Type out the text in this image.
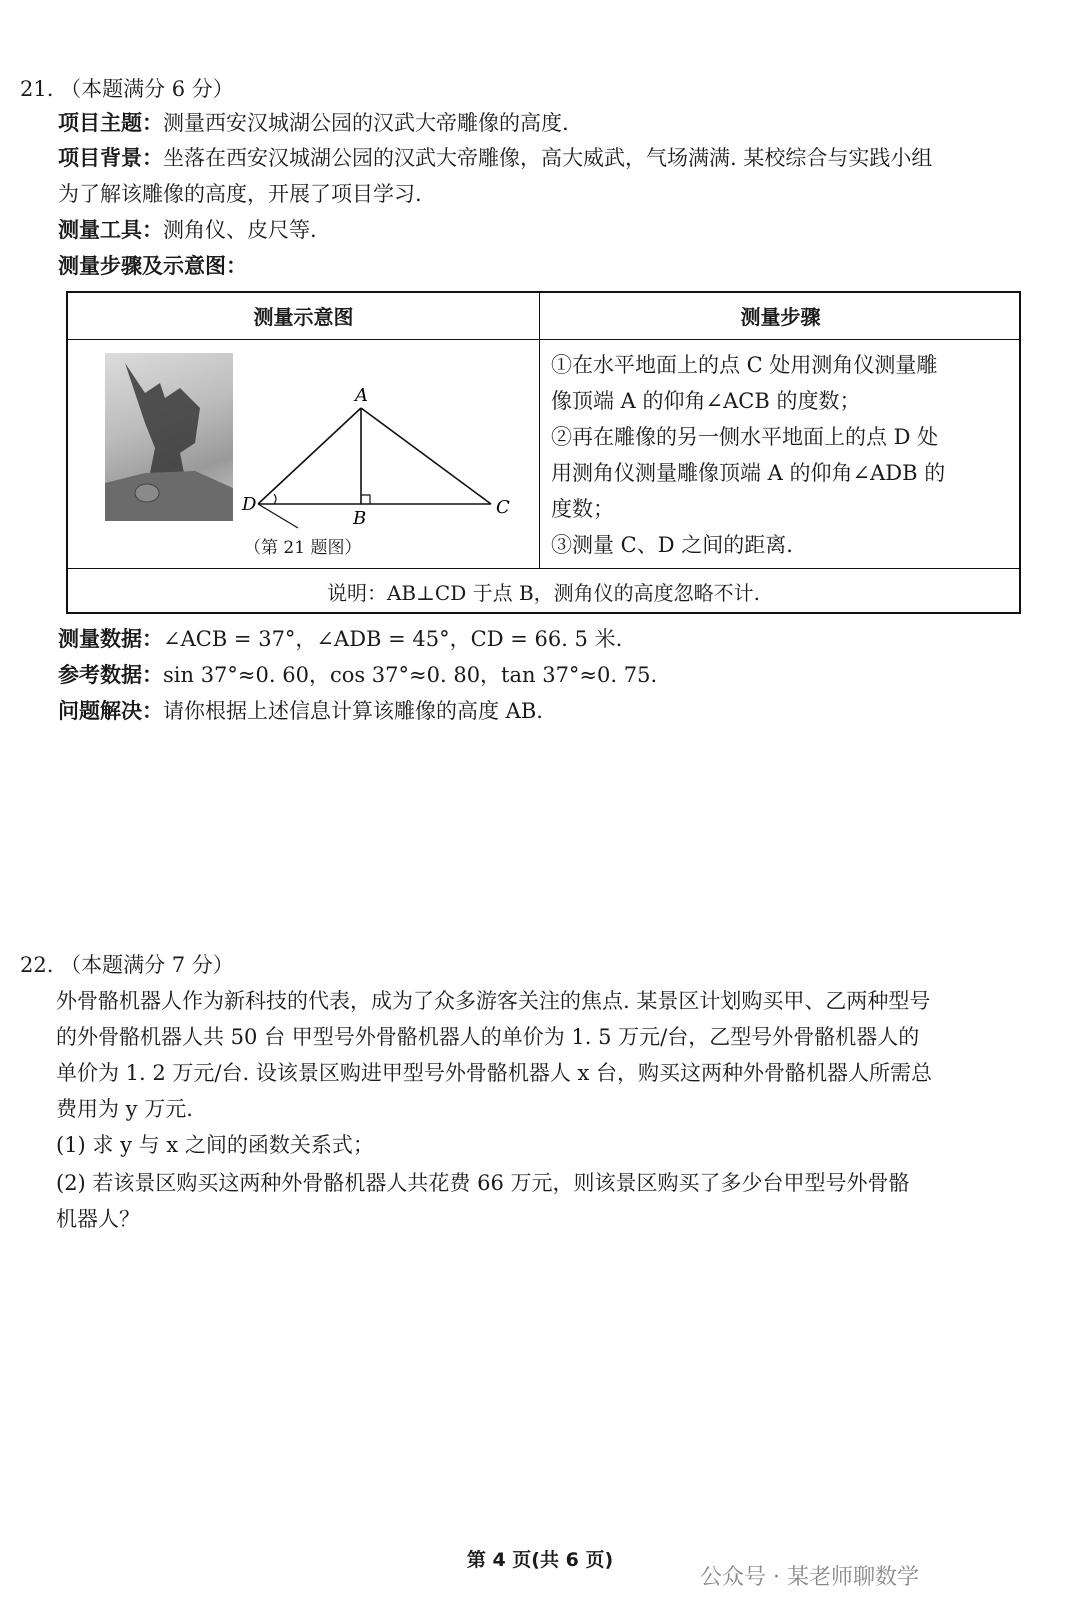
21. （本题满分 6 分）
项目主题：测量西安汉城湖公园的汉武大帝雕像的高度.
项目背景：坐落在西安汉城湖公园的汉武大帝雕像，高大威武，气场满满. 某校综合与实践小组
为了解该雕像的高度，开展了项目学习.
测量工具：测角仪、皮尺等.
测量步骤及示意图：
测量示意图	测量步骤
A
B
C
D
（第 21 题图）
①在水平地面上的点 C 处用测角仪测量雕
像顶端 A 的仰角∠ACB 的度数；
②再在雕像的另一侧水平地面上的点 D 处
用测角仪测量雕像顶端 A 的仰角∠ADB 的
度数；
③测量 C、D 之间的距离.
说明：AB⊥CD 于点 B，测角仪的高度忽略不计.
测量数据：∠ACB = 37°，∠ADB = 45°，CD = 66. 5 米.
参考数据：sin 37°≈0. 60，cos 37°≈0. 80，tan 37°≈0. 75.
问题解决：请你根据上述信息计算该雕像的高度 AB.
22. （本题满分 7 分）
外骨骼机器人作为新科技的代表，成为了众多游客关注的焦点. 某景区计划购买甲、乙两种型号
的外骨骼机器人共 50 台 甲型号外骨骼机器人的单价为 1. 5 万元/台，乙型号外骨骼机器人的
单价为 1. 2 万元/台. 设该景区购进甲型号外骨骼机器人 x 台，购买这两种外骨骼机器人所需总
费用为 y 万元.
(1) 求 y 与 x 之间的函数关系式；
(2) 若该景区购买这两种外骨骼机器人共花费 66 万元，则该景区购买了多少台甲型号外骨骼
机器人？
第 4 页(共 6 页)
公众号 · 某老师聊数学
